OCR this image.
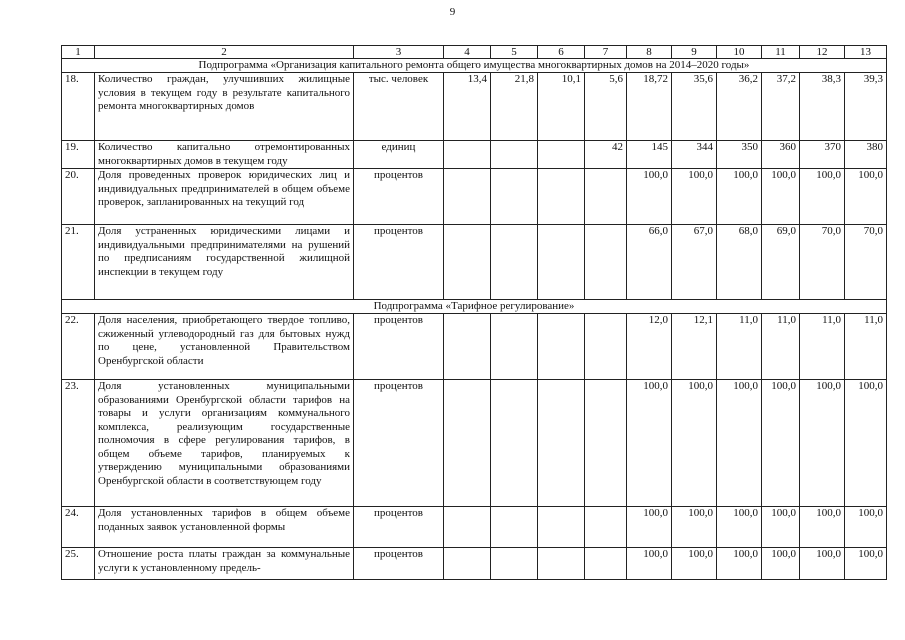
9
1	2	3	4	5	6	7	8	9	10	11	12	13
Подпрограмма «Организация капитального ремонта общего имущества многоквартирных домов на 2014–2020 годы»												
18.	Количество граждан, улучшивших жилищные условия в текущем году в результате капитального ремонта многоквартирных домов	тыс. человек	13,4	21,8	10,1	5,6	18,72	35,6	36,2	37,2	38,3	39,3
19.	Количество капитально отремонтированных многоквартирных домов в текущем году	единиц				42	145	344	350	360	370	380
20.	Доля проведенных проверок юридических лиц и индивидуальных предпринимателей в общем объеме проверок, запланированных на текущий год	процентов					100,0	100,0	100,0	100,0	100,0	100,0
21.	Доля устраненных юридическими лицами и индивидуальными предпринимателями на рушений по предписаниям государственной жилищной инспекции в текущем году	процентов					66,0	67,0	68,0	69,0	70,0	70,0
Подпрограмма «Тарифное регулирование»												
22.	Доля населения, приобретающего твердое топливо, сжиженный углеводородный газ для бытовых нужд по цене, установленной Правительством Оренбургской области	процентов					12,0	12,1	11,0	11,0	11,0	11,0
23.	Доля установленных муниципальными образованиями Оренбургской области тарифов на товары и услуги организациям коммунального комплекса, реализующим государственные полномочия в сфере регулирования тарифов, в общем объеме тарифов, планируемых к утверждению муниципальными образованиями Оренбургской области в соответствующем году	процентов					100,0	100,0	100,0	100,0	100,0	100,0
24.	Доля установленных тарифов в общем объеме поданных заявок установленной формы	процентов					100,0	100,0	100,0	100,0	100,0	100,0
25.	Отношение роста платы граждан за коммунальные услуги к установленному предель-	процентов					100,0	100,0	100,0	100,0	100,0	100,0
